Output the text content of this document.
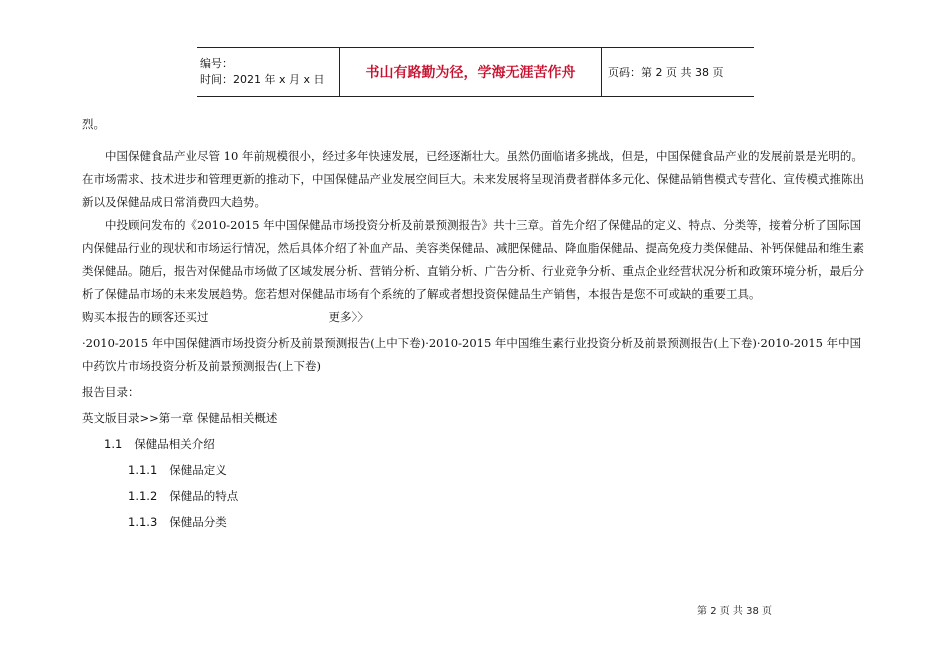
编号：
时间：2021 年 x 月 x 日	书山有路勤为径，学海无涯苦作舟	页码：第 2 页 共 38 页

烈。

中国保健食品产业尽管 10 年前规模很小，经过多年快速发展，已经逐渐壮大。虽然仍面临诸多挑战，但是，中国保健食品产业的发展前景是光明的。在市场需求、技术进步和管理更新的推动下，中国保健品产业发展空间巨大。未来发展将呈现消费者群体多元化、保健品销售模式专营化、宣传模式推陈出新以及保健品成日常消费四大趋势。

中投顾问发布的《2010-2015 年中国保健品市场投资分析及前景预测报告》共十三章。首先介绍了保健品的定义、特点、分类等，接着分析了国际国内保健品行业的现状和市场运行情况，然后具体介绍了补血产品、美容类保健品、减肥保健品、降血脂保健品、提高免疫力类保健品、补钙保健品和维生素类保健品。随后，报告对保健品市场做了区域发展分析、营销分析、直销分析、广告分析、行业竞争分析、重点企业经营状况分析和政策环境分析，最后分析了保健品市场的未来发展趋势。您若想对保健品市场有个系统的了解或者想投资保健品生产销售，本报告是您不可或缺的重要工具。

购买本报告的顾客还买过	更多〉〉

·2010-2015 年中国保健酒市场投资分析及前景预测报告(上中下卷)·2010-2015 年中国维生素行业投资分析及前景预测报告(上下卷)·2010-2015 年中国中药饮片市场投资分析及前景预测报告(上下卷)

报告目录：

英文版目录>>第一章 保健品相关概述

1.1 保健品相关介绍

1.1.1 保健品定义

1.1.2 保健品的特点

1.1.3 保健品分类

第 2 页 共 38 页
